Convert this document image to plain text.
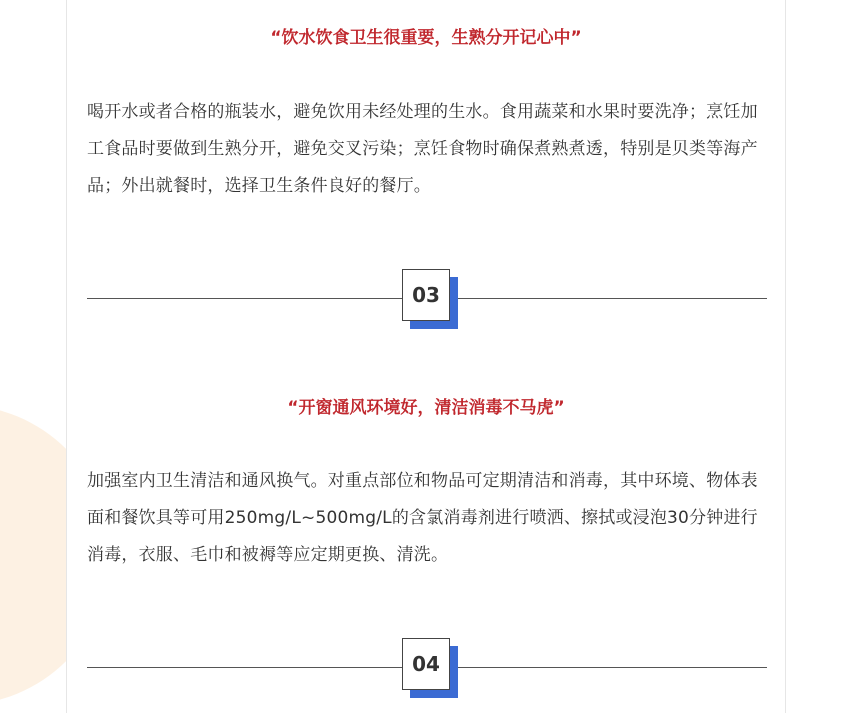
“饮水饮食卫生很重要，生熟分开记心中”

喝开水或者合格的瓶装水，避免饮用未经处理的生水。食用蔬菜和水果时要洗净；烹饪加工食品时要做到生熟分开，避免交叉污染；烹饪食物时确保煮熟煮透，特别是贝类等海产品；外出就餐时，选择卫生条件良好的餐厅。

03
“开窗通风环境好，清洁消毒不马虎”

加强室内卫生清洁和通风换气。对重点部位和物品可定期清洁和消毒，其中环境、物体表面和餐饮具等可用250mg/L~500mg/L的含氯消毒剂进行喷洒、擦拭或浸泡30分钟进行消毒，衣服、毛巾和被褥等应定期更换、清洗。

04
